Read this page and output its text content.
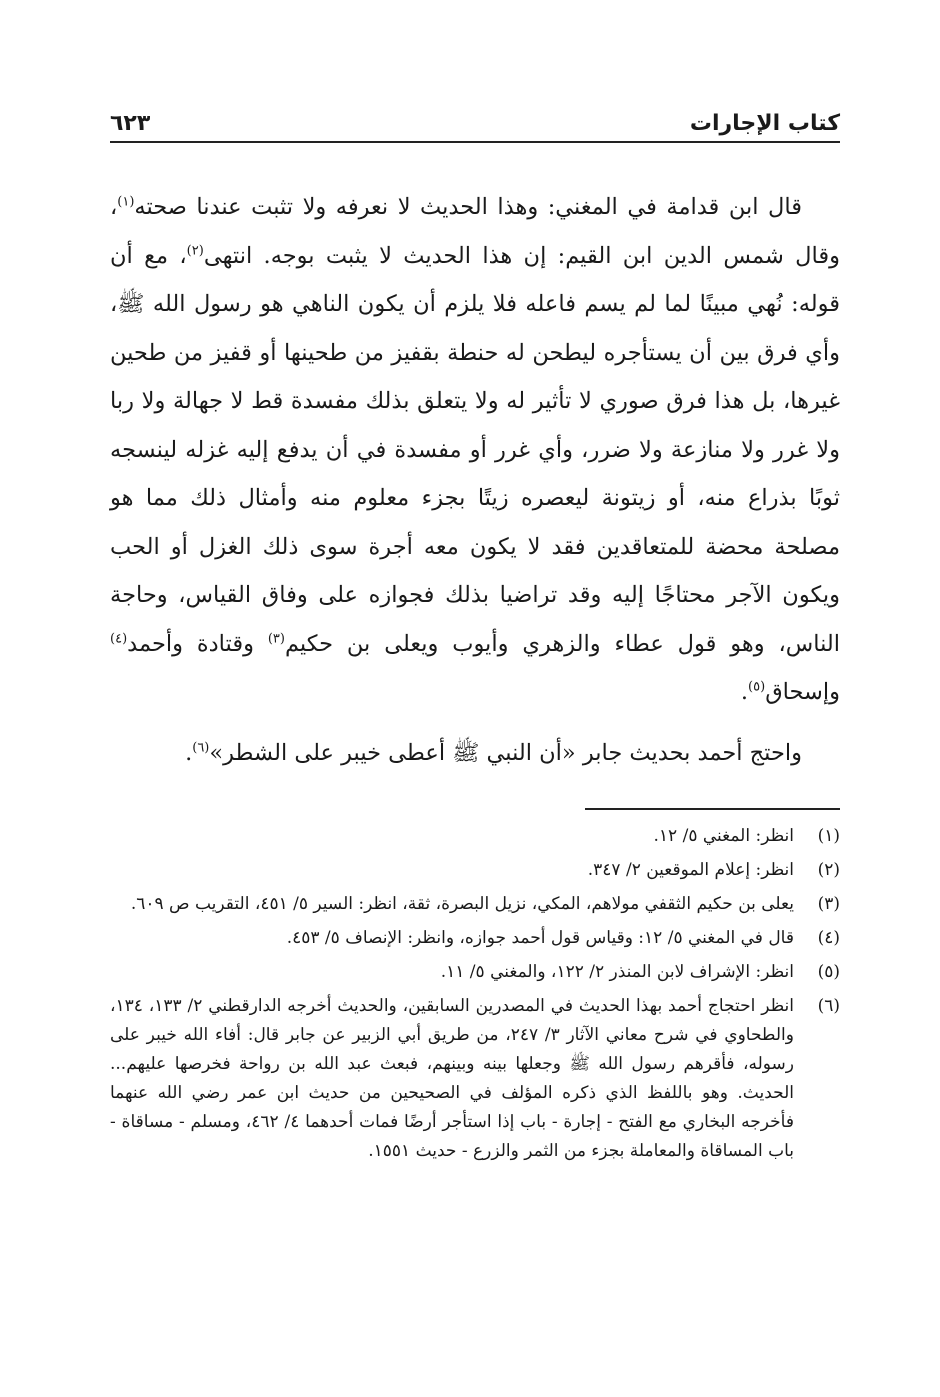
كتاب الإجارات
٦٢٣

قال ابن قدامة في المغني: وهذا الحديث لا نعرفه ولا تثبت عندنا صحته$^{(١)}$، وقال شمس الدين ابن القيم: إن هذا الحديث لا يثبت بوجه. انتهى$^{(٢)}$، مع أن قوله: نُهي مبينًا لما لم يسم فاعله فلا يلزم أن يكون الناهي هو رسول الله ﷺ، وأي فرق بين أن يستأجره ليطحن له حنطة بقفيز من طحينها أو قفيز من طحين غيرها، بل هذا فرق صوري لا تأثير له ولا يتعلق بذلك مفسدة قط لا جهالة ولا ربا ولا غرر ولا منازعة ولا ضرر، وأي غرر أو مفسدة في أن يدفع إليه غزله لينسجه ثوبًا بذراع منه، أو زيتونة ليعصره زيتًا بجزء معلوم منه وأمثال ذلك مما هو مصلحة محضة للمتعاقدين فقد لا يكون معه أجرة سوى ذلك الغزل أو الحب ويكون الآجر محتاجًا إليه وقد تراضيا بذلك فجوازه على وفاق القياس، وحاجة الناس، وهو قول عطاء والزهري وأيوب ويعلى بن حكيم$^{(٣)}$ وقتادة وأحمد$^{(٤)}$ وإسحاق$^{(٥)}$.

واحتج أحمد بحديث جابر «أن النبي ﷺ أعطى خيبر على الشطر»$^{(٦)}$.

(١)
انظر: المغني ٥/ ١٢.
(٢)
انظر: إعلام الموقعين ٢/ ٣٤٧.
(٣)
يعلى بن حكيم الثقفي مولاهم، المكي، نزيل البصرة، ثقة، انظر: السير ٥/ ٤٥١، التقريب ص ٦٠٩.
(٤)
قال في المغني ٥/ ١٢: وقياس قول أحمد جوازه، وانظر: الإنصاف ٥/ ٤٥٣.
(٥)
انظر: الإشراف لابن المنذر ٢/ ١٢٢، والمغني ٥/ ١١.
(٦)
انظر احتجاج أحمد بهذا الحديث في المصدرين السابقين، والحديث أخرجه الدارقطني ٢/ ١٣٣، ١٣٤، والطحاوي في شرح معاني الآثار ٣/ ٢٤٧، من طريق أبي الزبير عن جابر قال: أفاء الله خيبر على رسوله، فأقرهم رسول الله ﷺ وجعلها بينه وبينهم، فبعث عبد الله بن رواحة فخرصها عليهم... الحديث. وهو باللفظ الذي ذكره المؤلف في الصحيحين من حديث ابن عمر رضي الله عنهما فأخرجه البخاري مع الفتح - إجارة - باب إذا استأجر أرضًا فمات أحدهما ٤/ ٤٦٢، ومسلم - مساقاة - باب المساقاة والمعاملة بجزء من الثمر والزرع - حديث ١٥٥١.
